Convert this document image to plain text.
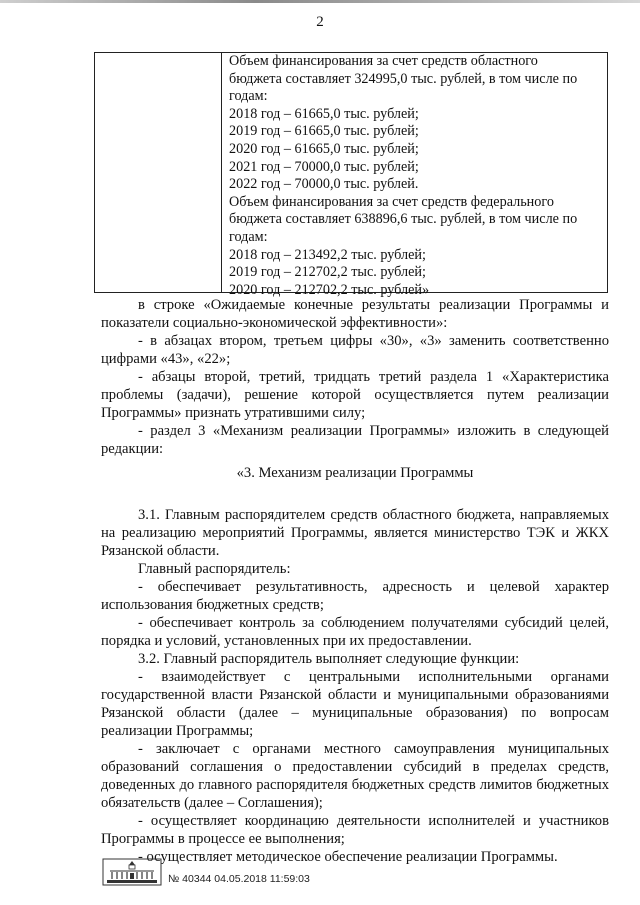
2
Объем финансирования за счет средств областного
бюджета составляет 324995,0 тыс. рублей, в том числе по
годам:
2018 год – 61665,0 тыс. рублей;
2019 год – 61665,0 тыс. рублей;
2020 год – 61665,0 тыс. рублей;
2021 год – 70000,0 тыс. рублей;
2022 год – 70000,0 тыс. рублей.
Объем финансирования за счет средств федерального
бюджета составляет 638896,6 тыс. рублей, в том числе по
годам:
2018 год – 213492,2 тыс. рублей;
2019 год – 212702,2 тыс. рублей;
2020 год – 212702,2 тыс. рублей»

в строке «Ожидаемые конечные результаты реализации Программы и показатели социально-экономической эффективности»:

- в абзацах втором, третьем цифры «30», «3» заменить соответственно цифрами «43», «22»;

- абзацы второй, третий, тридцать третий раздела 1 «Характеристика проблемы (задачи), решение которой осуществляется путем реализации Программы» признать утратившими силу;

- раздел 3 «Механизм реализации Программы» изложить в следующей редакции:

«3. Механизм реализации Программы

3.1. Главным распорядителем средств областного бюджета, направляемых на реализацию мероприятий Программы, является министерство ТЭК и ЖКХ Рязанской области.

Главный распорядитель:

- обеспечивает результативность, адресность и целевой характер использования бюджетных средств;

- обеспечивает контроль за соблюдением получателями субсидий целей, порядка и условий, установленных при их предоставлении.

3.2. Главный распорядитель выполняет следующие функции:

- взаимодействует с центральными исполнительными органами государственной власти Рязанской области и муниципальными образованиями Рязанской области (далее – муниципальные образования) по вопросам реализации Программы;

- заключает с органами местного самоуправления муниципальных образований соглашения о предоставлении субсидий в пределах средств, доведенных до главного распорядителя бюджетных средств лимитов бюджетных обязательств (далее – Соглашения);

- осуществляет координацию деятельности исполнителей и участников Программы в процессе ее выполнения;

- осуществляет методическое обеспечение реализации Программы.

№ 40344 04.05.2018 11:59:03
